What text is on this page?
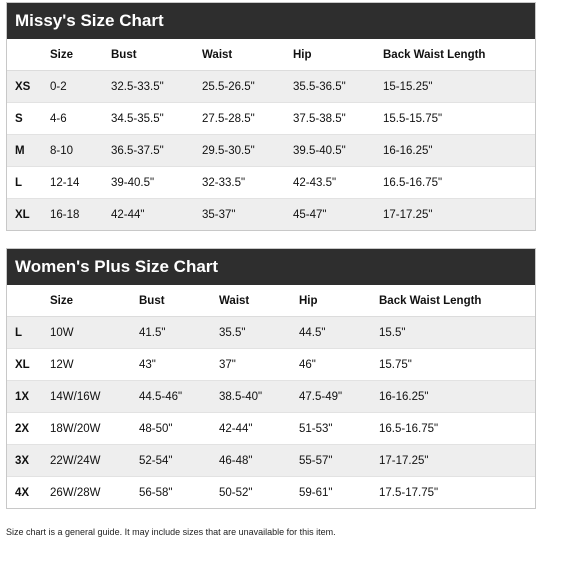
Missy's Size Chart
	Size	Bust	Waist	Hip	Back Waist Length
XS	0-2	32.5-33.5"	25.5-26.5"	35.5-36.5"	15-15.25"
S	4-6	34.5-35.5"	27.5-28.5"	37.5-38.5"	15.5-15.75"
M	8-10	36.5-37.5"	29.5-30.5"	39.5-40.5"	16-16.25"
L	12-14	39-40.5"	32-33.5"	42-43.5"	16.5-16.75"
XL	16-18	42-44"	35-37"	45-47"	17-17.25"
Women's Plus Size Chart
	Size	Bust	Waist	Hip	Back Waist Length
L	10W	41.5"	35.5"	44.5"	15.5"
XL	12W	43"	37"	46"	15.75"
1X	14W/16W	44.5-46"	38.5-40"	47.5-49"	16-16.25"
2X	18W/20W	48-50"	42-44"	51-53"	16.5-16.75"
3X	22W/24W	52-54"	46-48"	55-57"	17-17.25"
4X	26W/28W	56-58"	50-52"	59-61"	17.5-17.75"
Size chart is a general guide. It may include sizes that are unavailable for this item.
